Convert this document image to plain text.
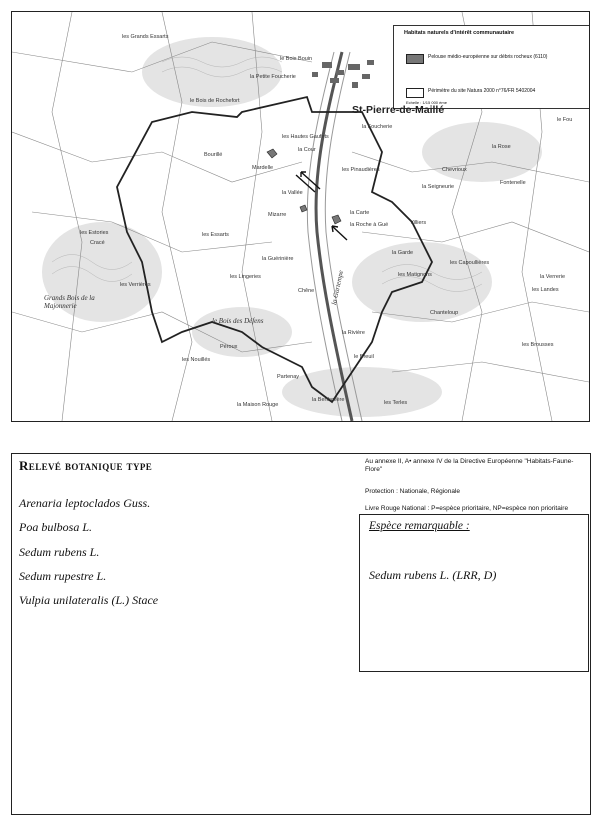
Habitats naturels d'intérêt communautaire
Pelouse médio-européenne sur débris rocheux (6110)
Périmètre du site Natura 2000 n°76/FR 5402004
Echelle : 1/15 000 ème
St-Pierre-de-Maillé
les Grands Essarts
le Bois Bouin
la Petite Foucherie
le Bois de Rochefort
Bourillé
Mardelle
Mizarre
la Vallée
les Essarts
Cracé
les Estories
Grands Bois de la Majonnerie
les Verrières
le Bois des Défens
Péroux
Partenay
les Nouillés
les Pinaudières
la Roche à Gué	Villiers
la Garde
les Capoullières
Chevrioux
la Seigneurie
Chanteloup
la Rivière
le Breuil
les Brousses
la Verrerie
la Rose
Fontenelle
les Landes
le Fou
la Bertholière	les Terles
la Foucherie
les Hautes Gaufets
la Cour
la Guérinière
la Maison Rouge
les Lingeries	les Matignons
Chêne
la Carte
la Gartempe
Relevé botanique type
Arenaria leptoclados Guss.
Poa bulbosa L.
Sedum rubens L.
Sedum rupestre L.
Vulpia unilateralis (L.) Stace
Au annexe II, A• annexe IV de la Directive Européenne "Habitats-Faune-Flore"
Protection : Nationale, Régionale
Livre Rouge National : P=espèce prioritaire, NP=espèce non prioritaire
Espèce remarquable :
Sedum rubens L. (LRR, D)
